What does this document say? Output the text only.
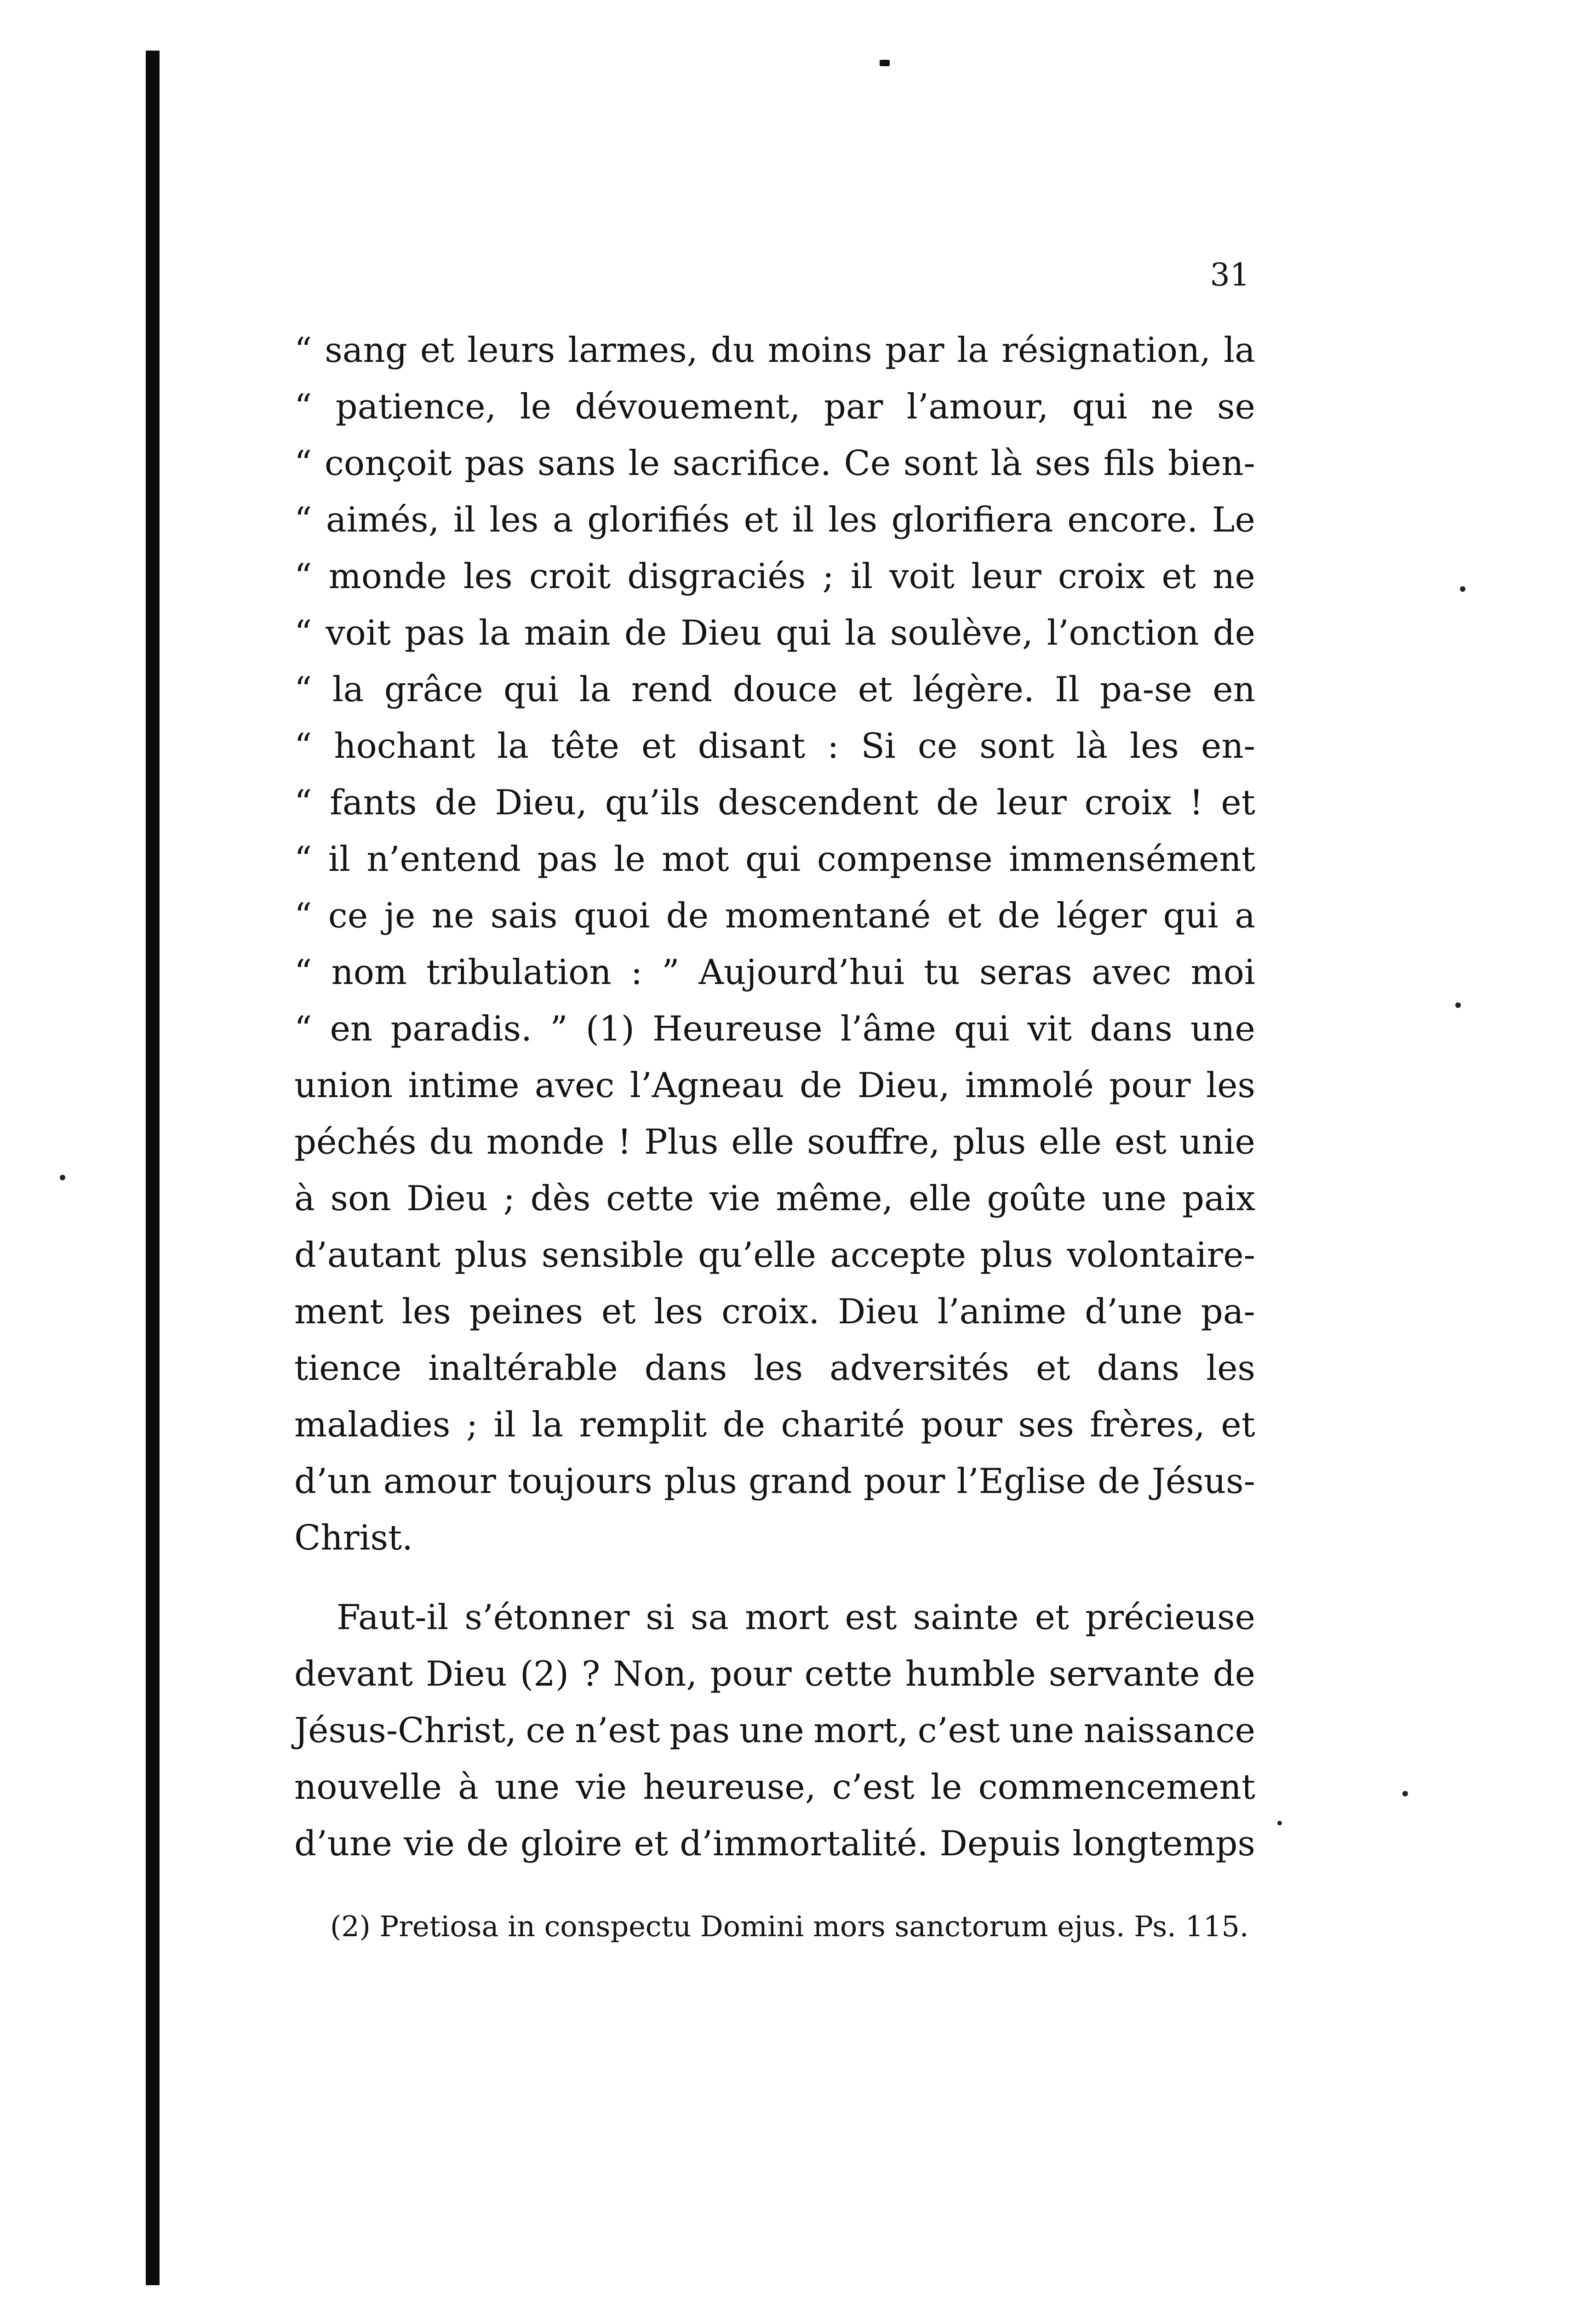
31
“ sang et leurs larmes, du moins par la résignation, la
“ patience, le dévouement, par l’amour, qui ne se
“ conçoit pas sans le sacrifice. Ce sont là ses fils bien-
“ aimés, il les a glorifiés et il les glorifiera encore. Le
“ monde les croit disgraciés ; il voit leur croix et ne
“ voit pas la main de Dieu qui la soulève, l’onction de
“ la grâce qui la rend douce et légère. Il pa-se en
“ hochant la tête et disant : Si ce sont là les en-
“ fants de Dieu, qu’ils descendent de leur croix ! et
“ il n’entend pas le mot qui compense immensément
“ ce je ne sais quoi de momentané et de léger qui a
“ nom tribulation : ” Aujourd’hui tu seras avec moi
“ en paradis. ” (1) Heureuse l’âme qui vit dans une
union intime avec l’Agneau de Dieu, immolé pour les
péchés du monde ! Plus elle souffre, plus elle est unie
à son Dieu ; dès cette vie même, elle goûte une paix
d’autant plus sensible qu’elle accepte plus volontaire-
ment les peines et les croix. Dieu l’anime d’une pa-
tience inaltérable dans les adversités et dans les
maladies ; il la remplit de charité pour ses frères, et
d’un amour toujours plus grand pour l’Eglise de Jésus-
Christ.
Faut-il s’étonner si sa mort est sainte et précieuse
devant Dieu (2) ? Non, pour cette humble servante de
Jésus-Christ, ce n’est pas une mort, c’est une naissance
nouvelle à une vie heureuse, c’est le commencement
d’une vie de gloire et d’immortalité. Depuis longtemps
(2) Pretiosa in conspectu Domini mors sanctorum ejus. Ps. 115.
